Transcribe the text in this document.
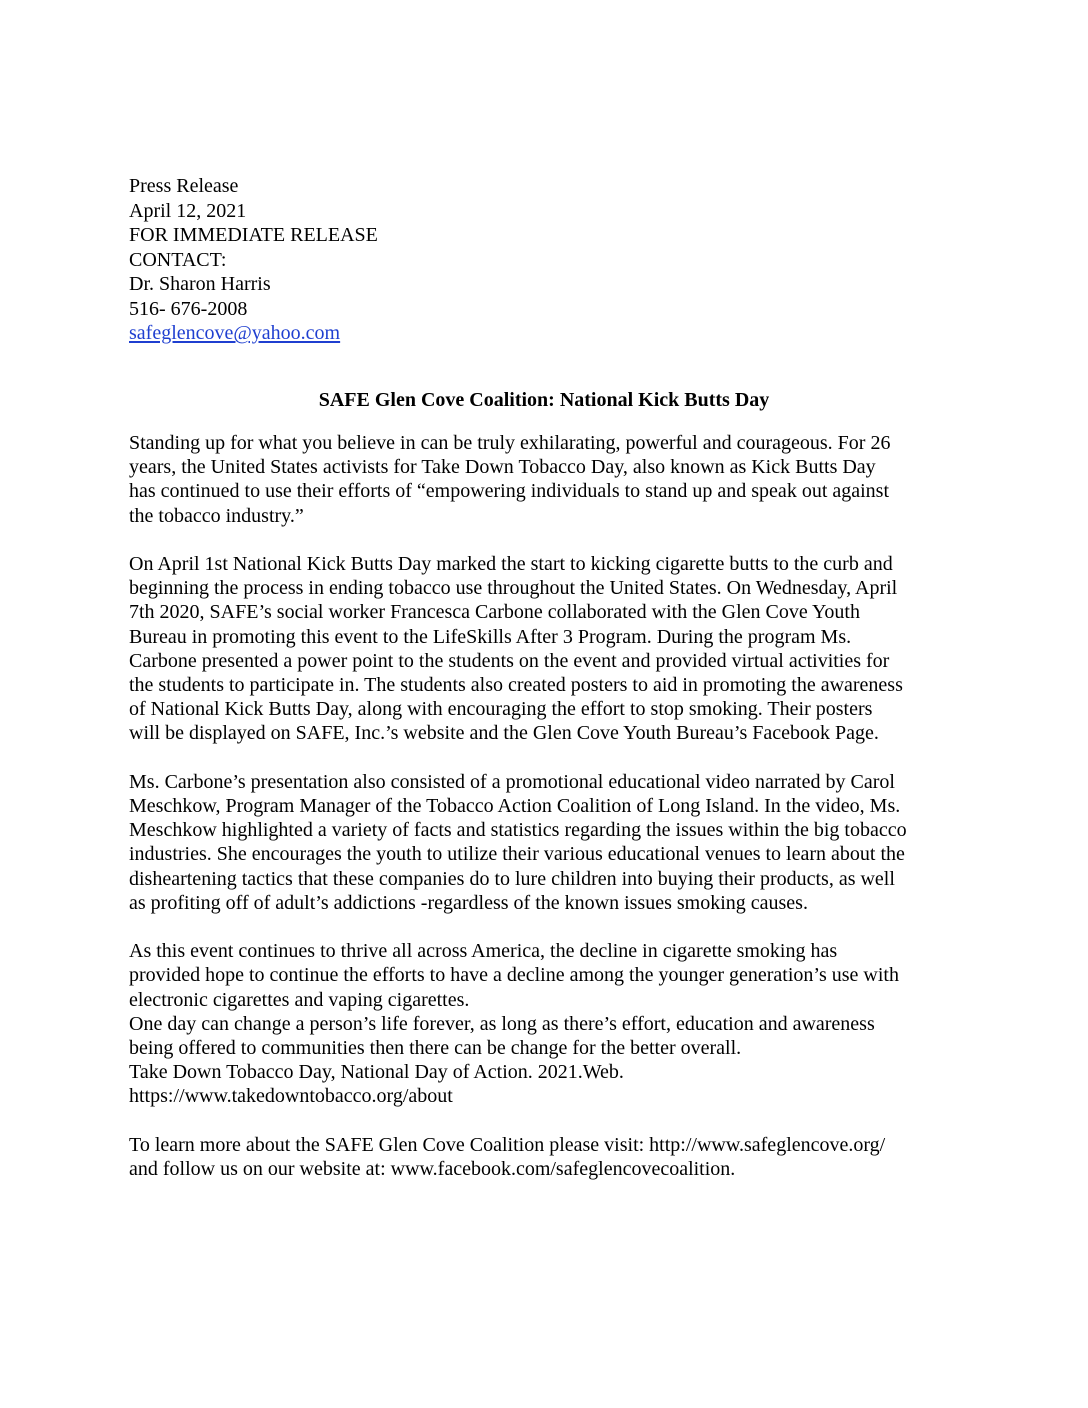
Press Release
April 12, 2021
FOR IMMEDIATE RELEASE
CONTACT:
Dr. Sharon Harris
516- 676-2008
safeglencove@yahoo.com
SAFE Glen Cove Coalition: National Kick Butts Day
Standing up for what you believe in can be truly exhilarating, powerful and courageous. For 26
years, the United States activists for Take Down Tobacco Day, also known as Kick Butts Day
has continued to use their efforts of “empowering individuals to stand up and speak out against
the tobacco industry.”
On April 1st National Kick Butts Day marked the start to kicking cigarette butts to the curb and
beginning the process in ending tobacco use throughout the United States. On Wednesday, April
7th 2020, SAFE’s social worker Francesca Carbone collaborated with the Glen Cove Youth
Bureau in promoting this event to the LifeSkills After 3 Program. During the program Ms.
Carbone presented a power point to the students on the event and provided virtual activities for
the students to participate in. The students also created posters to aid in promoting the awareness
of National Kick Butts Day, along with encouraging the effort to stop smoking. Their posters
will be displayed on SAFE, Inc.’s website and the Glen Cove Youth Bureau’s Facebook Page.
Ms. Carbone’s presentation also consisted of a promotional educational video narrated by Carol
Meschkow, Program Manager of the Tobacco Action Coalition of Long Island. In the video, Ms.
Meschkow highlighted a variety of facts and statistics regarding the issues within the big tobacco
industries. She encourages the youth to utilize their various educational venues to learn about the
disheartening tactics that these companies do to lure children into buying their products, as well
as profiting off of adult’s addictions -regardless of the known issues smoking causes.
As this event continues to thrive all across America, the decline in cigarette smoking has
provided hope to continue the efforts to have a decline among the younger generation’s use with
electronic cigarettes and vaping cigarettes.
One day can change a person’s life forever, as long as there’s effort, education and awareness
being offered to communities then there can be change for the better overall.
Take Down Tobacco Day, National Day of Action. 2021.Web.
https://www.takedowntobacco.org/about
To learn more about the SAFE Glen Cove Coalition please visit: http://www.safeglencove.org/
and follow us on our website at: www.facebook.com/safeglencovecoalition.
